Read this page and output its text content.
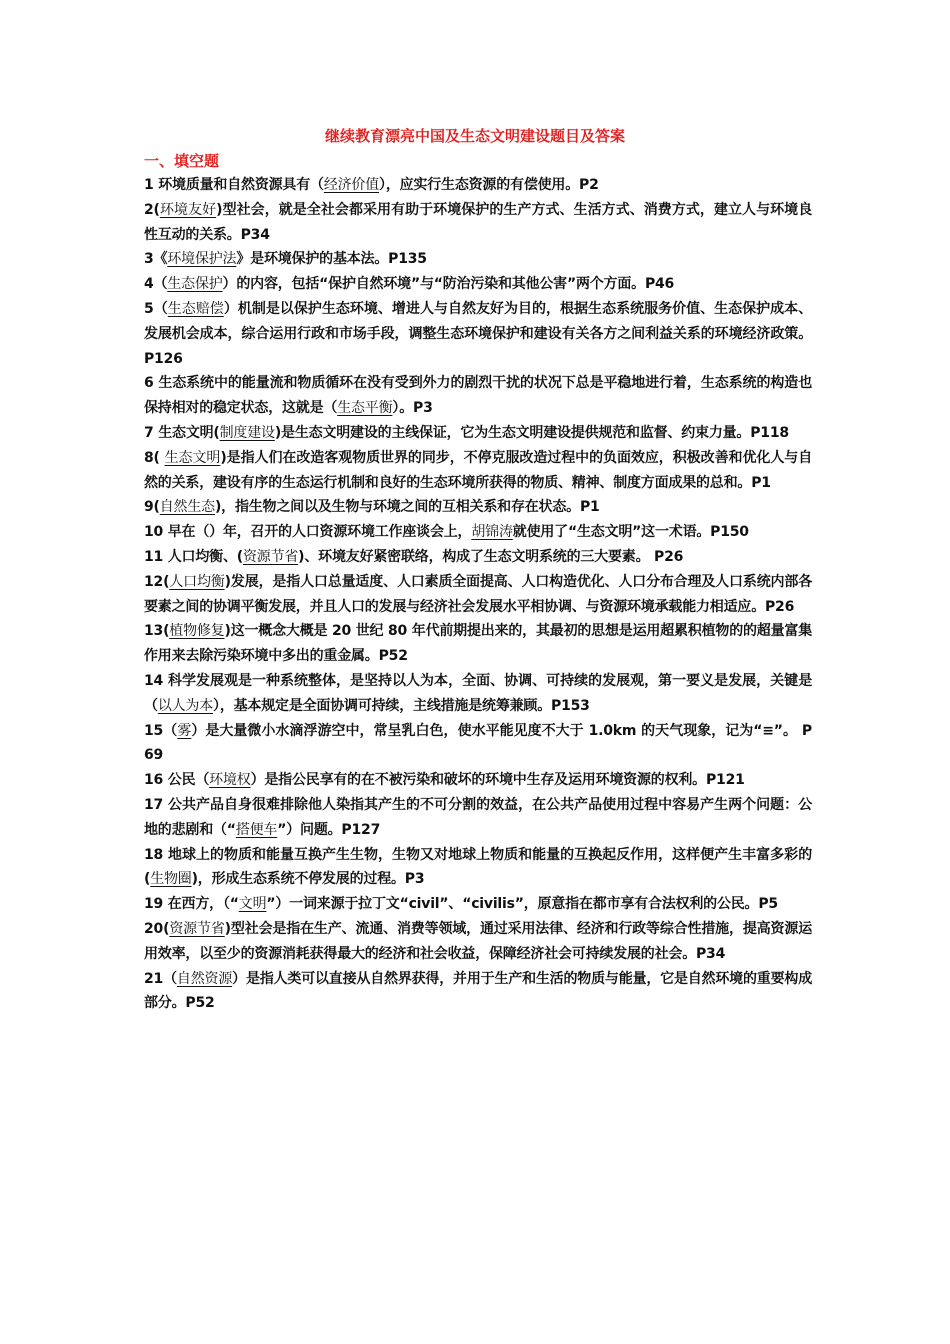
继续教育漂亮中国及生态文明建设题目及答案
一、填空题
1 环境质量和自然资源具有（经济价值），应实行生态资源的有偿使用。P2
2(环境友好)型社会，就是全社会都采用有助于环境保护的生产方式、生活方式、消费方式，建立人与环境良性互动的关系。P34
3《环境保护法》是环境保护的基本法。P135
4（生态保护）的内容，包括“保护自然环境”与“防治污染和其他公害”两个方面。P46
5（生态赔偿）机制是以保护生态环境、增进人与自然友好为目的，根据生态系统服务价值、生态保护成本、发展机会成本，综合运用行政和市场手段，调整生态环境保护和建设有关各方之间利益关系的环境经济政策。 P126
6 生态系统中的能量流和物质循环在没有受到外力的剧烈干扰的状况下总是平稳地进行着，生态系统的构造也保持相对的稳定状态，这就是（生态平衡）。P3
7 生态文明(制度建设)是生态文明建设的主线保证，它为生态文明建设提供规范和监督、约束力量。P118
8( 生态文明)是指人们在改造客观物质世界的同步，不停克服改造过程中的负面效应，积极改善和优化人与自然的关系，建设有序的生态运行机制和良好的生态环境所获得的物质、精神、制度方面成果的总和。P1
9(自然生态)，指生物之间以及生物与环境之间的互相关系和存在状态。P1
10 早在（）年，召开的人口资源环境工作座谈会上，胡锦涛就使用了“生态文明”这一术语。P150
11 人口均衡、(资源节省)、环境友好紧密联络，构成了生态文明系统的三大要素。 P26
12(人口均衡)发展，是指人口总量适度、人口素质全面提高、人口构造优化、人口分布合理及人口系统内部各要素之间的协调平衡发展，并且人口的发展与经济社会发展水平相协调、与资源环境承载能力相适应。P26
13(植物修复)这一概念大概是 20 世纪 80 年代前期提出来的，其最初的思想是运用超累积植物的的超量富集作用来去除污染环境中多出的重金属。P52
14 科学发展观是一种系统整体，是坚持以人为本，全面、协调、可持续的发展观，第一要义是发展，关键是（以人为本），基本规定是全面协调可持续，主线措施是统筹兼顾。P153
15（雾）是大量微小水滴浮游空中，常呈乳白色，使水平能见度不大于 1.0km 的天气现象，记为“≡”。 P69
16 公民（环境权）是指公民享有的在不被污染和破坏的环境中生存及运用环境资源的权利。P121
17 公共产品自身很难排除他人染指其产生的不可分割的效益，在公共产品使用过程中容易产生两个问题：公地的悲剧和（“搭便车”）问题。P127
18 地球上的物质和能量互换产生生物，生物又对地球上物质和能量的互换起反作用，这样便产生丰富多彩的(生物圈)，形成生态系统不停发展的过程。P3
19 在西方，（“文明”）一词来源于拉丁文“civil”、“civilis”，原意指在都市享有合法权利的公民。P5
20(资源节省)型社会是指在生产、流通、消费等领域，通过采用法律、经济和行政等综合性措施，提高资源运用效率，以至少的资源消耗获得最大的经济和社会收益，保障经济社会可持续发展的社会。P34
21（自然资源）是指人类可以直接从自然界获得，并用于生产和生活的物质与能量，它是自然环境的重要构成部分。P52
